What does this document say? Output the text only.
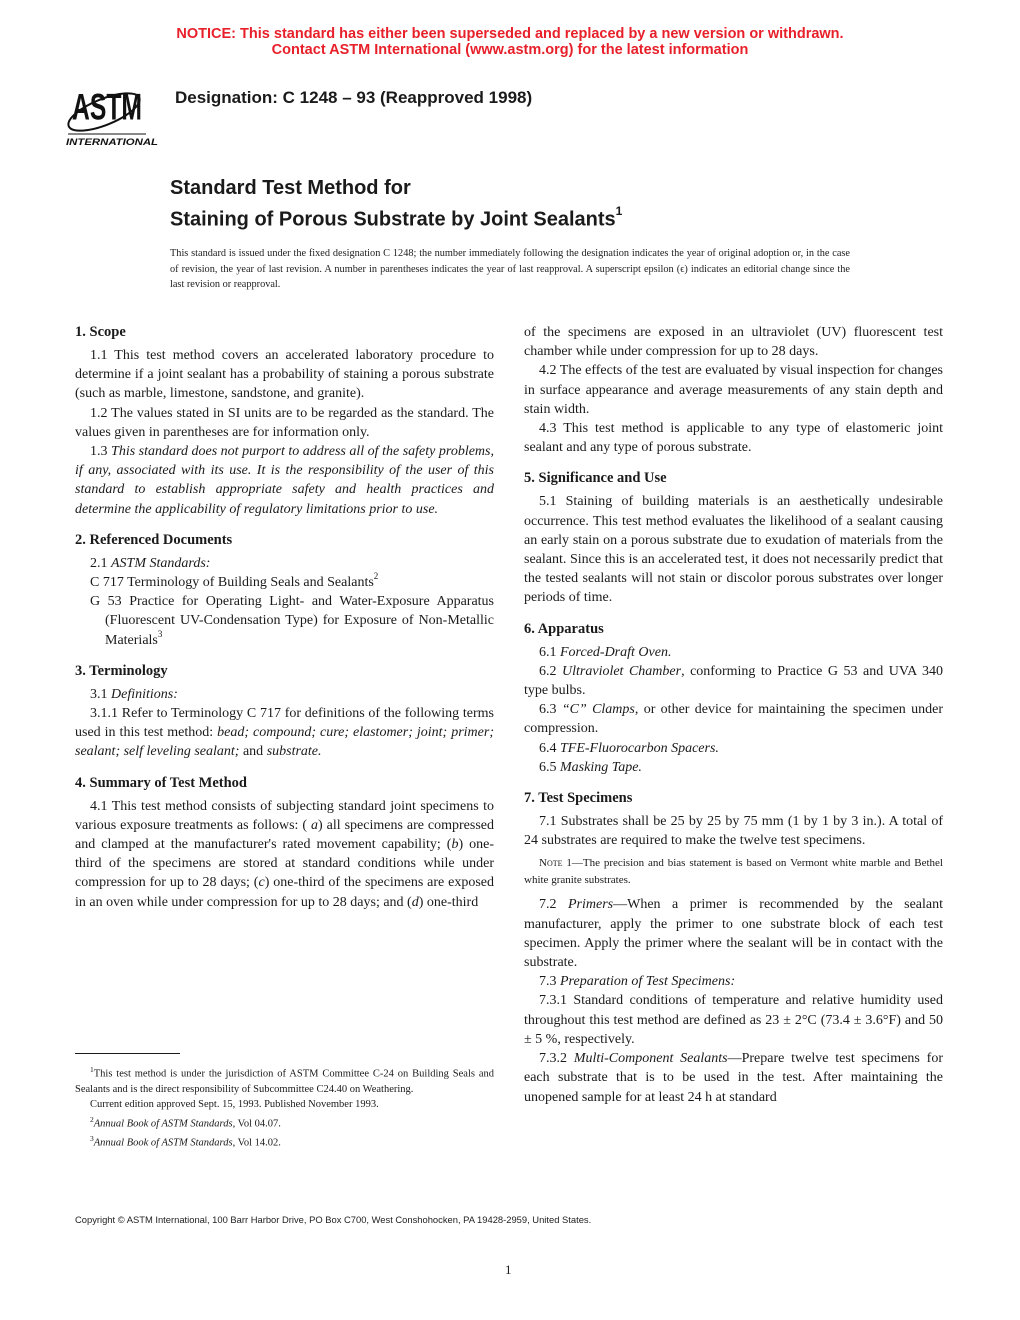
NOTICE: This standard has either been superseded and replaced by a new version or withdrawn.
Contact ASTM International (www.astm.org) for the latest information
ASTM
INTERNATIONAL
Designation: C 1248 – 93 (Reapproved 1998)
Standard Test Method for
Staining of Porous Substrate by Joint Sealants$^1$
This standard is issued under the fixed designation C 1248; the number immediately following the designation indicates the year of original adoption or, in the case of revision, the year of last revision. A number in parentheses indicates the year of last reapproval. A superscript epsilon (ϵ) indicates an editorial change since the last revision or reapproval.
1. Scope

1.1 This test method covers an accelerated laboratory procedure to determine if a joint sealant has a probability of staining a porous substrate (such as marble, limestone, sandstone, and granite).

1.2 The values stated in SI units are to be regarded as the standard. The values given in parentheses are for information only.

1.3 This standard does not purport to address all of the safety problems, if any, associated with its use. It is the responsibility of the user of this standard to establish appropriate safety and health practices and determine the applicability of regulatory limitations prior to use.

2. Referenced Documents

2.1 ASTM Standards:

C 717 Terminology of Building Seals and Sealants$^2$

G 53 Practice for Operating Light- and Water-Exposure Apparatus (Fluorescent UV-Condensation Type) for Exposure of Non-Metallic Materials$^3$

3. Terminology

3.1 Definitions:

3.1.1 Refer to Terminology C 717 for definitions of the following terms used in this test method: bead; compound; cure; elastomer; joint; primer; sealant; self leveling sealant; and substrate.

4. Summary of Test Method

4.1 This test method consists of subjecting standard joint specimens to various exposure treatments as follows: ( a) all specimens are compressed and clamped at the manufacturer's rated movement capability; (b) one-third of the specimens are stored at standard conditions while under compression for up to 28 days; (c) one-third of the specimens are exposed in an oven while under compression for up to 28 days; and (d) one-third

$^1$This test method is under the jurisdiction of ASTM Committee C-24 on Building Seals and Sealants and is the direct responsibility of Subcommittee C24.40 on Weathering.

Current edition approved Sept. 15, 1993. Published November 1993.

$^2$Annual Book of ASTM Standards, Vol 04.07.

$^3$Annual Book of ASTM Standards, Vol 14.02.

of the specimens are exposed in an ultraviolet (UV) fluorescent test chamber while under compression for up to 28 days.

4.2 The effects of the test are evaluated by visual inspection for changes in surface appearance and average measurements of any stain depth and stain width.

4.3 This test method is applicable to any type of elastomeric joint sealant and any type of porous substrate.

5. Significance and Use

5.1 Staining of building materials is an aesthetically undesirable occurrence. This test method evaluates the likelihood of a sealant causing an early stain on a porous substrate due to exudation of materials from the sealant. Since this is an accelerated test, it does not necessarily predict that the tested sealants will not stain or discolor porous substrates over longer periods of time.

6. Apparatus

6.1 Forced-Draft Oven.

6.2 Ultraviolet Chamber, conforming to Practice G 53 and UVA 340 type bulbs.

6.3 “C” Clamps, or other device for maintaining the specimen under compression.

6.4 TFE-Fluorocarbon Spacers.

6.5 Masking Tape.

7. Test Specimens

7.1 Substrates shall be 25 by 25 by 75 mm (1 by 1 by 3 in.). A total of 24 substrates are required to make the twelve test specimens.

Note 1—The precision and bias statement is based on Vermont white marble and Bethel white granite substrates.

7.2 Primers—When a primer is recommended by the sealant manufacturer, apply the primer to one substrate block of each test specimen. Apply the primer where the sealant will be in contact with the substrate.

7.3 Preparation of Test Specimens:

7.3.1 Standard conditions of temperature and relative humidity used throughout this test method are defined as 23 ± 2°C (73.4 ± 3.6°F) and 50 ± 5 %, respectively.

7.3.2 Multi-Component Sealants—Prepare twelve test specimens for each substrate that is to be used in the test. After maintaining the unopened sample for at least 24 h at standard

Copyright © ASTM International, 100 Barr Harbor Drive, PO Box C700, West Conshohocken, PA 19428-2959, United States.
1
